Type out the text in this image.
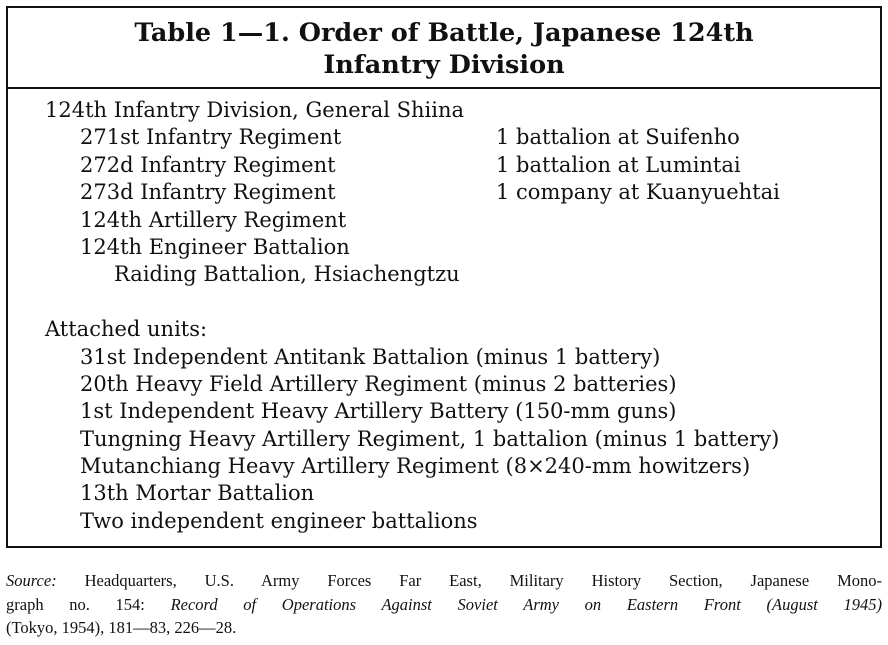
Table 1—1. Order of Battle, Japanese 124th
Infantry Division
124th Infantry Division, General Shiina
271st Infantry Regiment	1 battalion at Suifenho
272d Infantry Regiment	1 battalion at Lumintai
273d Infantry Regiment	1 company at Kuanyuehtai
124th Artillery Regiment
124th Engineer Battalion
Raiding Battalion, Hsiachengtzu
Attached units:
31st Independent Antitank Battalion (minus 1 battery)
20th Heavy Field Artillery Regiment (minus 2 batteries)
1st Independent Heavy Artillery Battery (150-mm guns)
Tungning Heavy Artillery Regiment, 1 battalion (minus 1 battery)
Mutanchiang Heavy Artillery Regiment (8×240-mm howitzers)
13th Mortar Battalion
Two independent engineer battalions
Source: Headquarters, U.S. Army Forces Far East, Military History Section, Japanese Mono-
graph no. 154: Record of Operations Against Soviet Army on Eastern Front (August 1945)
(Tokyo, 1954), 181—83, 226—28.
